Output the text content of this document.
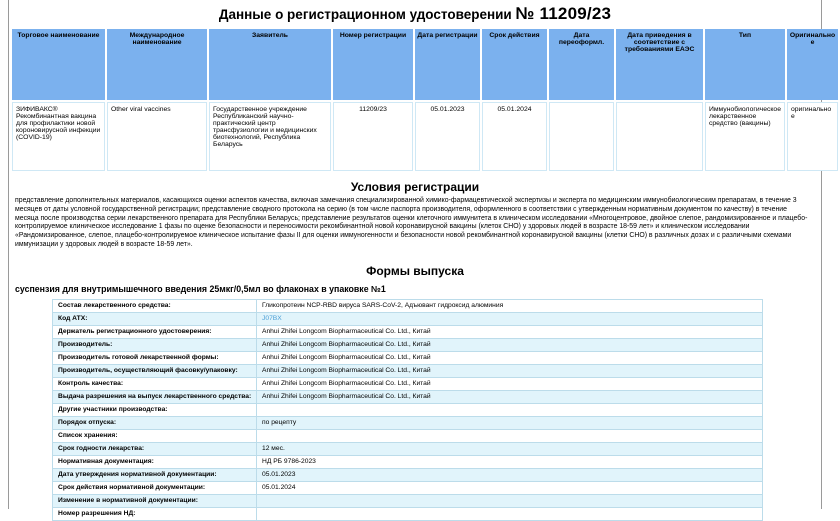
Данные о регистрационном удостоверении № 11209/23
Торговое наименование	Международное наименование	Заявитель	Номер регистрации	Дата регистрации	Срок действия	Дата переоформл.	Дата приведения в соответствие с требованиями ЕАЭС	Тип	Оригинальное
ЗИФИВАКС® Рекомбинантная вакцина для профилактики новой короновирусной инфекции (COVID-19)	Other viral vaccines	Государственное учреждение Республиканский научно-практический центр трансфузиологии и медицинских биотехнологий, Республика Беларусь	11209/23	05.01.2023	05.01.2024			Иммунобиологическое лекарственное средство (вакцины)	оригинальное
Условия регистрации

представление дополнительных материалов, касающихся оценки аспектов качества, включая замечания специализированной химико-фармацевтической экспертизы и эксперта по медицинским иммунобиологическим препаратам, в течение 3 месяцев от даты условной государственной регистрации; представление сводного протокола на серию (в том числе паспорта производителя, оформленного в соответствии с утвержденным нормативным документом по качеству) в течение месяца после производства серии лекарственного препарата для Республики Беларусь; представление результатов оценки клеточного иммунитета в клиническом исследовании «Многоцентровое, двойное слепое, рандомизированное и плацебо-контролируемое клиническое исследование 1 фазы по оценке безопасности и переносимости рекомбинантной новой коронавирусной вакцины (клеток CHO) у здоровых людей в возрасте 18-59 лет» и клиническом исследовании «Рандомизированное, слепое, плацебо-контролируемое клиническое испытание фазы II для оценки иммуногенности и безопасности новой рекомбинантной коронавирусной вакцины (клетки CHO) в различных дозах и с различными схемами иммунизации у здоровых людей в возрасте 18-59 лет».

Формы выпуска
суспензия для внутримышечного введения 25мкг/0,5мл во флаконах в упаковке №1
Состав лекарственного средства:	Гликопротеин NCP-RBD вируса SARS-CoV-2, Адъювант гидроксид алюминия
Код АТХ:	J07BX
Держатель регистрационного удостоверения:	Anhui Zhifei Longcom Biopharmaceutical Co. Ltd., Китай
Производитель:	Anhui Zhifei Longcom Biopharmaceutical Co. Ltd., Китай
Производитель готовой лекарственной формы:	Anhui Zhifei Longcom Biopharmaceutical Co. Ltd., Китай
Производитель, осуществляющий фасовку/упаковку:	Anhui Zhifei Longcom Biopharmaceutical Co. Ltd., Китай
Контроль качества:	Anhui Zhifei Longcom Biopharmaceutical Co. Ltd., Китай
Выдача разрешения на выпуск лекарственного средства:	Anhui Zhifei Longcom Biopharmaceutical Co. Ltd., Китай
Другие участники производства:	
Порядок отпуска:	по рецепту
Список хранения:	
Срок годности лекарства:	12 мес.
Нормативная документация:	НД РБ 9786-2023
Дата утверждения нормативной документации:	05.01.2023
Срок действия нормативной документации:	05.01.2024
Изменение в нормативной документации:	
Номер разрешения НД:	
